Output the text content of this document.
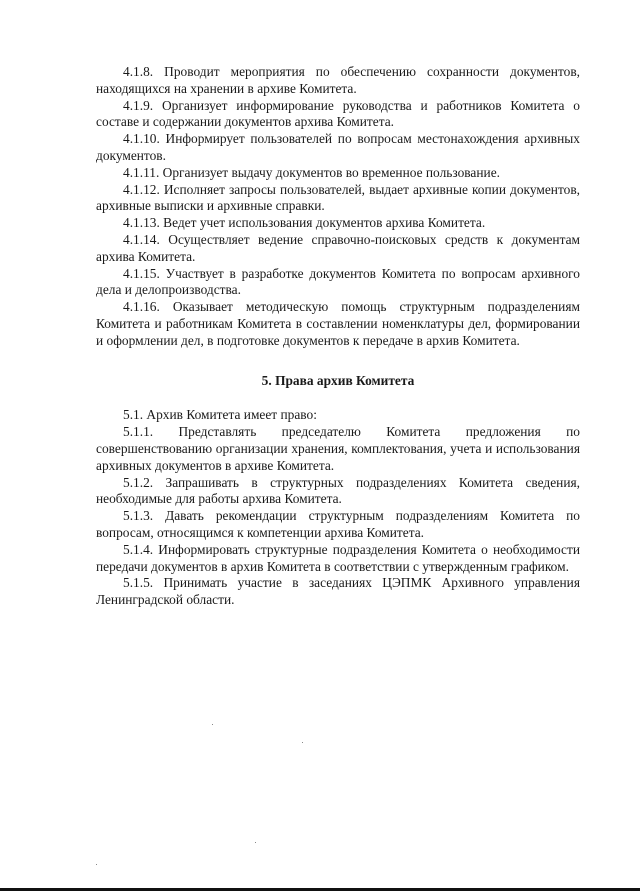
4.1.8. Проводит мероприятия по обеспечению сохранности документов, находящихся на хранении в архиве Комитета.

4.1.9. Организует информирование руководства и работников Комитета о составе и содержании документов архива Комитета.

4.1.10. Информирует пользователей по вопросам местонахождения архивных документов.

4.1.11. Организует выдачу документов во временное пользование.

4.1.12. Исполняет запросы пользователей, выдает архивные копии документов, архивные выписки и архивные справки.

4.1.13. Ведет учет использования документов архива Комитета.

4.1.14. Осуществляет ведение справочно-поисковых средств к документам архива Комитета.

4.1.15. Участвует в разработке документов Комитета по вопросам архивного дела и делопроизводства.

4.1.16. Оказывает методическую помощь структурным подразделениям Комитета и работникам Комитета в составлении номенклатуры дел, формировании и оформлении дел, в подготовке документов к передаче в архив Комитета.

5. Права архив Комитета

5.1. Архив Комитета имеет право:

5.1.1. Представлять председателю Комитета предложения по совершенствованию организации хранения, комплектования, учета и использования архивных документов в архиве Комитета.

5.1.2. Запрашивать в структурных подразделениях Комитета сведения, необходимые для работы архива Комитета.

5.1.3. Давать рекомендации структурным подразделениям Комитета по вопросам, относящимся к компетенции архива Комитета.

5.1.4. Информировать структурные подразделения Комитета о необходимости передачи документов в архив Комитета в соответствии с утвержденным графиком.

5.1.5. Принимать участие в заседаниях ЦЭПМК Архивного управления Ленинградской области.
